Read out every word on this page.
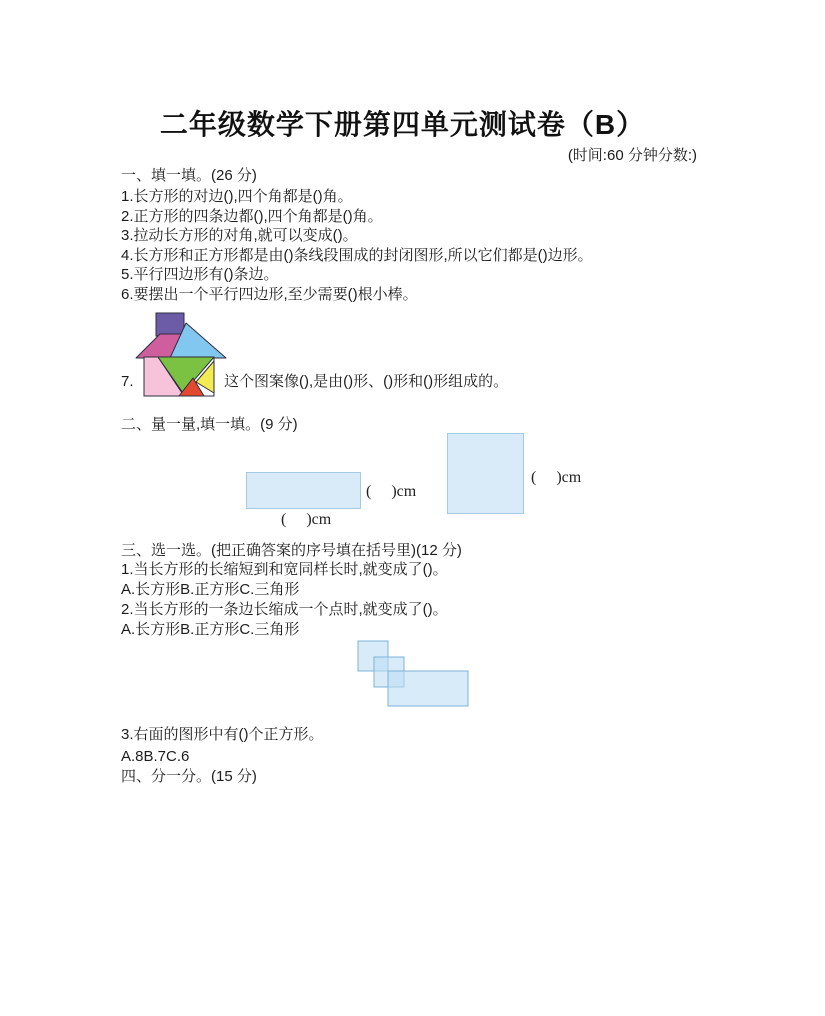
二年级数学下册第四单元测试卷（B）
(时间:60 分钟分数:)
一、填一填。(26 分)
1.长方形的对边(),四个角都是()角。
2.正方形的四条边都(),四个角都是()角。
3.拉动长方形的对角,就可以变成()。
4.长方形和正方形都是由()条线段围成的封闭图形,所以它们都是()边形。
5.平行四边形有()条边。
6.要摆出一个平行四边形,至少需要()根小棒。
7.	这个图案像(),是由()形、()形和()形组成的。
二、量一量,填一填。(9 分)
(     )cm
(     )cm
(     )cm
三、选一选。(把正确答案的序号填在括号里)(12 分)
1.当长方形的长缩短到和宽同样长时,就变成了()。
A.长方形B.正方形C.三角形
2.当长方形的一条边长缩成一个点时,就变成了()。
A.长方形B.正方形C.三角形
3.右面的图形中有()个正方形。
A.8B.7C.6
四、分一分。(15 分)
